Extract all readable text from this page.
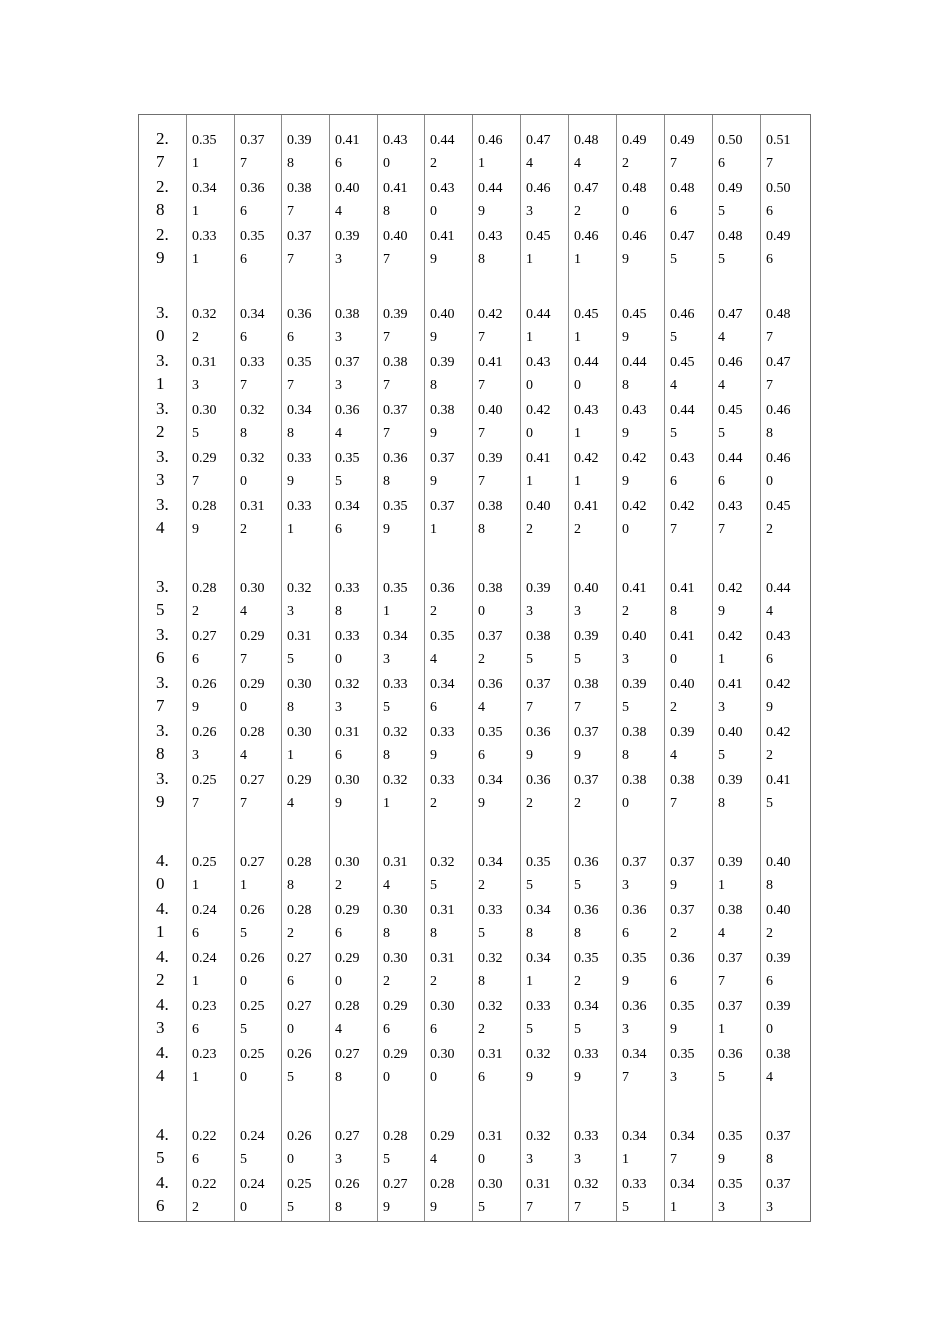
2.
7
0.35
1
0.37
7
0.39
8
0.41
6
0.43
0
0.44
2
0.46
1
0.47
4
0.48
4
0.49
2
0.49
7
0.50
6
0.51
7
2.
8
0.34
1
0.36
6
0.38
7
0.40
4
0.41
8
0.43
0
0.44
9
0.46
3
0.47
2
0.48
0
0.48
6
0.49
5
0.50
6
2.
9
0.33
1
0.35
6
0.37
7
0.39
3
0.40
7
0.41
9
0.43
8
0.45
1
0.46
1
0.46
9
0.47
5
0.48
5
0.49
6
3.
0
0.32
2
0.34
6
0.36
6
0.38
3
0.39
7
0.40
9
0.42
7
0.44
1
0.45
1
0.45
9
0.46
5
0.47
4
0.48
7
3.
1
0.31
3
0.33
7
0.35
7
0.37
3
0.38
7
0.39
8
0.41
7
0.43
0
0.44
0
0.44
8
0.45
4
0.46
4
0.47
7
3.
2
0.30
5
0.32
8
0.34
8
0.36
4
0.37
7
0.38
9
0.40
7
0.42
0
0.43
1
0.43
9
0.44
5
0.45
5
0.46
8
3.
3
0.29
7
0.32
0
0.33
9
0.35
5
0.36
8
0.37
9
0.39
7
0.41
1
0.42
1
0.42
9
0.43
6
0.44
6
0.46
0
3.
4
0.28
9
0.31
2
0.33
1
0.34
6
0.35
9
0.37
1
0.38
8
0.40
2
0.41
2
0.42
0
0.42
7
0.43
7
0.45
2
3.
5
0.28
2
0.30
4
0.32
3
0.33
8
0.35
1
0.36
2
0.38
0
0.39
3
0.40
3
0.41
2
0.41
8
0.42
9
0.44
4
3.
6
0.27
6
0.29
7
0.31
5
0.33
0
0.34
3
0.35
4
0.37
2
0.38
5
0.39
5
0.40
3
0.41
0
0.42
1
0.43
6
3.
7
0.26
9
0.29
0
0.30
8
0.32
3
0.33
5
0.34
6
0.36
4
0.37
7
0.38
7
0.39
5
0.40
2
0.41
3
0.42
9
3.
8
0.26
3
0.28
4
0.30
1
0.31
6
0.32
8
0.33
9
0.35
6
0.36
9
0.37
9
0.38
8
0.39
4
0.40
5
0.42
2
3.
9
0.25
7
0.27
7
0.29
4
0.30
9
0.32
1
0.33
2
0.34
9
0.36
2
0.37
2
0.38
0
0.38
7
0.39
8
0.41
5
4.
0
0.25
1
0.27
1
0.28
8
0.30
2
0.31
4
0.32
5
0.34
2
0.35
5
0.36
5
0.37
3
0.37
9
0.39
1
0.40
8
4.
1
0.24
6
0.26
5
0.28
2
0.29
6
0.30
8
0.31
8
0.33
5
0.34
8
0.36
8
0.36
6
0.37
2
0.38
4
0.40
2
4.
2
0.24
1
0.26
0
0.27
6
0.29
0
0.30
2
0.31
2
0.32
8
0.34
1
0.35
2
0.35
9
0.36
6
0.37
7
0.39
6
4.
3
0.23
6
0.25
5
0.27
0
0.28
4
0.29
6
0.30
6
0.32
2
0.33
5
0.34
5
0.36
3
0.35
9
0.37
1
0.39
0
4.
4
0.23
1
0.25
0
0.26
5
0.27
8
0.29
0
0.30
0
0.31
6
0.32
9
0.33
9
0.34
7
0.35
3
0.36
5
0.38
4
4.
5
0.22
6
0.24
5
0.26
0
0.27
3
0.28
5
0.29
4
0.31
0
0.32
3
0.33
3
0.34
1
0.34
7
0.35
9
0.37
8
4.
6
0.22
2
0.24
0
0.25
5
0.26
8
0.27
9
0.28
9
0.30
5
0.31
7
0.32
7
0.33
5
0.34
1
0.35
3
0.37
3
